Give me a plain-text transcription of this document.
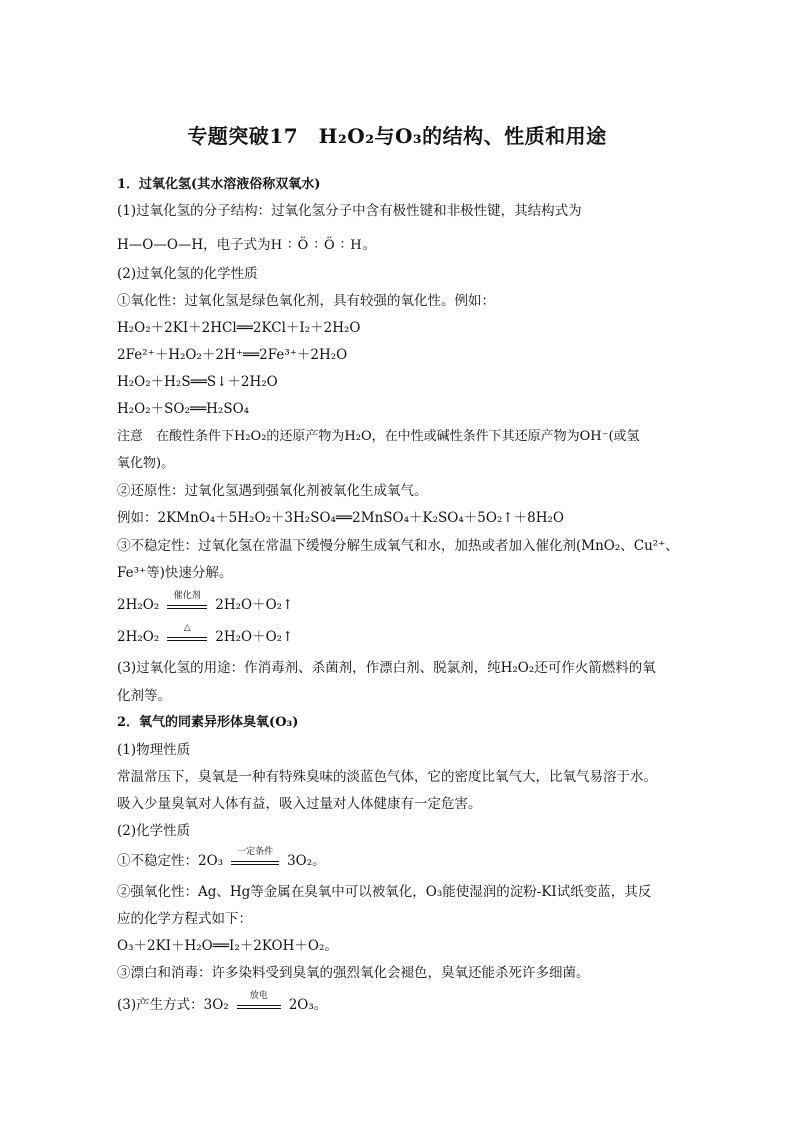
专题突破17　H₂O₂与O₃的结构、性质和用途
1．过氧化氢(其水溶液俗称双氧水)
(1)过氧化氢的分子结构：过氧化氢分子中含有极性键和非极性键，其结构式为
H—O—O—H，电子式为H ∶ Ö ∶ Ö ∶ H。
(2)过氧化氢的化学性质
①氧化性：过氧化氢是绿色氧化剂，具有较强的氧化性。例如：
H₂O₂＋2KI＋2HCl══2KCl＋I₂＋2H₂O
2Fe²⁺＋H₂O₂＋2H⁺══2Fe³⁺＋2H₂O
H₂O₂＋H₂S══S↓＋2H₂O
H₂O₂＋SO₂══H₂SO₄
注意　在酸性条件下H₂O₂的还原产物为H₂O，在中性或碱性条件下其还原产物为OH⁻(或氢
氧化物)。
②还原性：过氧化氢遇到强氧化剂被氧化生成氧气。
例如：2KMnO₄＋5H₂O₂＋3H₂SO₄══2MnSO₄＋K₂SO₄＋5O₂↑＋8H₂O
③不稳定性：过氧化氢在常温下缓慢分解生成氧气和水，加热或者加入催化剂(MnO₂、Cu²⁺、
Fe³⁺等)快速分解。
2H₂O₂
催化剂
2H₂O＋O₂↑
2H₂O₂
△
2H₂O＋O₂↑
(3)过氧化氢的用途：作消毒剂、杀菌剂，作漂白剂、脱氯剂，纯H₂O₂还可作火箭燃料的氧
化剂等。
2．氧气的同素异形体臭氧(O₃)
(1)物理性质
常温常压下，臭氧是一种有特殊臭味的淡蓝色气体，它的密度比氧气大，比氧气易溶于水。
吸入少量臭氧对人体有益，吸入过量对人体健康有一定危害。
(2)化学性质
①不稳定性：2O₃
一定条件
3O₂。
②强氧化性：Ag、Hg等金属在臭氧中可以被氧化，O₃能使湿润的淀粉-KI试纸变蓝，其反
应的化学方程式如下：
O₃＋2KI＋H₂O══I₂＋2KOH＋O₂。
③漂白和消毒：许多染料受到臭氧的强烈氧化会褪色，臭氧还能杀死许多细菌。
(3)产生方式：3O₂
放电
2O₃。
